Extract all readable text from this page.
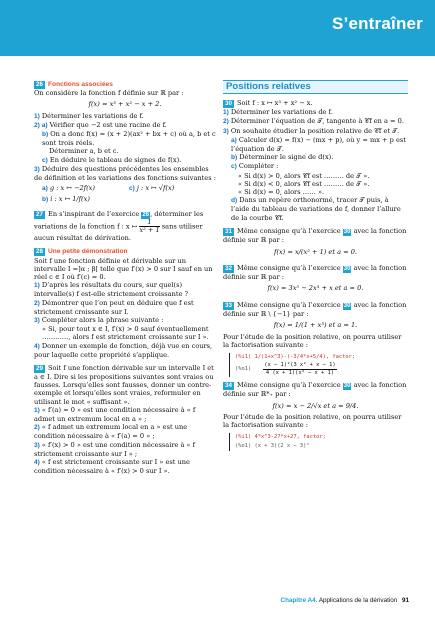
S’entraîner

26 Fonctions associées

On considère la fonction f définie sur ℝ par :

f(x) = x³ + x² − x + 2.

1) Déterminer les variations de f.

2) a) Vérifier que −2 est une racine de f.

b) On a donc f(x) = (x + 2)(ax² + bx + c) où a, b et c sont trois réels.

Déterminer a, b et c.

c) En déduire le tableau de signes de f(x).

3) Déduire des questions précédentes les ensembles de définition et les variations des fonctions suivantes :

a) g : x ↦ −2f(x)	c) j : x ↦ √f(x)

b) i : x ↦ 1/f(x)

27 En s’inspirant de l’exercice 26, déterminer les variations de la fonction f : x ↦ $\frac{1}{\text{x² + 1}}$ sans utiliser aucun résultat de dérivation.

28 Une petite démonstration

Soit f une fonction définie et dérivable sur un intervalle I =]α ; β[ telle que f′(x) > 0 sur I sauf en un réel c ∈ I où f′(c) = 0.

1) D’après les résultats du cours, sur quel(s) intervalle(s) f est-elle strictement croissante ?

2) Démontrer que l’on peut en déduire que f est strictement croissante sur I.

3) Compléter alors la phrase suivante :

« Si, pour tout x ∈ I, f′(x) > 0 sauf éventuellement …………, alors f est strictement croissante sur I ».

4) Donner un exemple de fonction, déjà vue en cours, pour laquelle cette propriété s’applique.

29 Soit f une fonction dérivable sur un intervalle I et a ∈ I. Dire si les propositions suivantes sont vraies ou fausses. Lorsqu’elles sont fausses, donner un contre-exemple et lorsqu’elles sont vraies, reformuler en utilisant le mot « suffisant ».

1) « f′(a) = 0 » est une condition nécessaire à « f admet un extremum local en a » ;

2) « f admet un extremum local en a » est une condition nécessaire à « f′(a) = 0 » ;

3) « f′(x) > 0 » est une condition nécessaire à « f strictement croissante sur I » ;

4) « f est strictement croissante sur I » est une condition nécessaire à « f′(x) > 0 sur I ».

Positions relatives

30 Soit f : x ↦ x³ + x² − x.

1) Déterminer les variations de f.

2) Déterminer l’équation de 𝒯, tangente à 𝒞f en a = 0.

3) On souhaite étudier la position relative de 𝒞f et 𝒯.

a) Calculer d(x) = f(x) − (mx + p), où y = mx + p est l’équation de 𝒯.

b) Déterminer le signe de d(x).

c) Compléter :

« Si d(x) > 0, alors 𝒞f est ……… de 𝒯 ».

« Si d(x) < 0, alors 𝒞f est ……… de 𝒯 ».

« Si d(x) = 0, alors …… ».

d) Dans un repère orthonormé, tracer 𝒯 puis, à l’aide du tableau de variations de f, donner l’allure de la courbe 𝒞f.

31 Même consigne qu’à l’exercice 30 avec la fonction définie sur ℝ par :

f(x) = x/(x² + 1) et a = 0.

32 Même consigne qu’à l’exercice 30 avec la fonction définie sur ℝ par :

f(x) = 3x⁵ − 2x³ + x et a = 0.

33 Même consigne qu’à l’exercice 30 avec la fonction définie sur ℝ \ {−1} par :

f(x) = 1/(1 + x³) et a = 1.

Pour l’étude de la position relative, on pourra utiliser la factorisation suivante :

(%i1) 1/(1+x^3)-(-3/4*x+5/4), factor;
$(\%o1) \frac{\text{(x − 1)²(3 x² + x − 1)}}{\text{4 (x + 1)(x² − x + 1)}}$

34 Même consigne qu’à l’exercice 30 avec la fonction définie sur ℝ*₊ par :

f(x) = x − 2/√x et a = 9/4.

Pour l’étude de la position relative, on pourra utiliser la factorisation suivante :

(%i1) 4*x^3-27*x+27, factor;
(%o1) (x + 3)(2 x − 3)²
Chapitre A4. Applications de la dérivation 91
